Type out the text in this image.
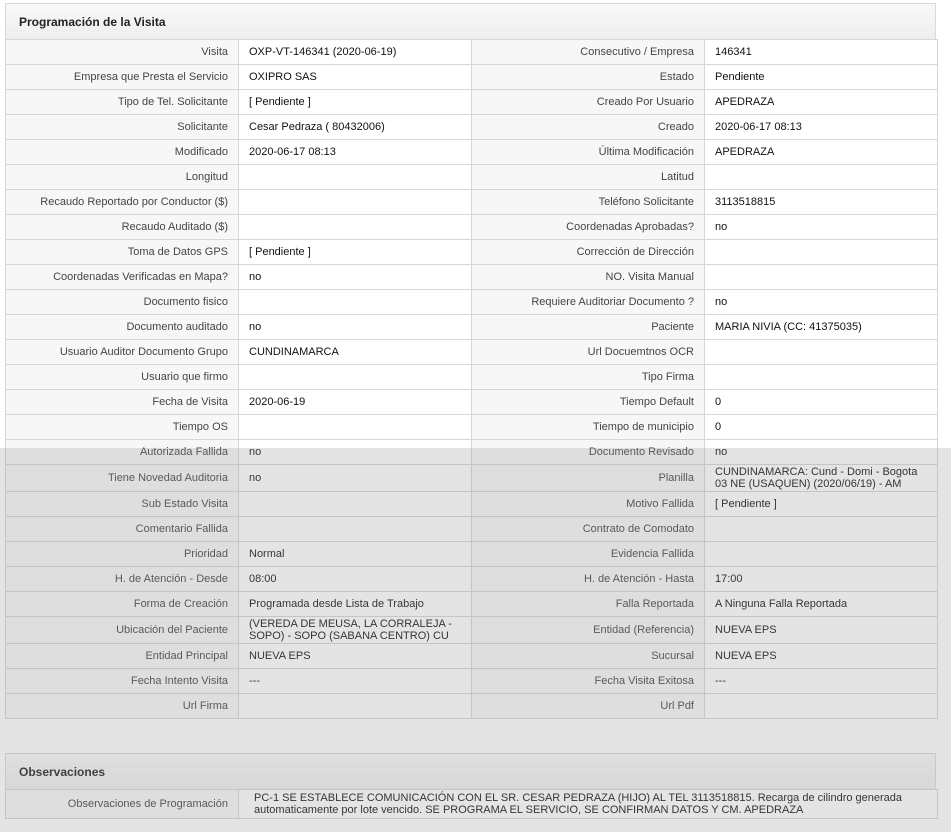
Programación de la Visita
Visita	OXP-VT-146341 (2020-06-19)	Consecutivo / Empresa	146341
Empresa que Presta el Servicio	OXIPRO SAS	Estado	Pendiente
Tipo de Tel. Solicitante	[ Pendiente ]	Creado Por Usuario	APEDRAZA
Solicitante	Cesar Pedraza ( 80432006)	Creado	2020-06-17 08:13
Modificado	2020-06-17 08:13	Última Modificación	APEDRAZA
Longitud		Latitud	
Recaudo Reportado por Conductor ($)		Teléfono Solicitante	3113518815
Recaudo Auditado ($)		Coordenadas Aprobadas?	no
Toma de Datos GPS	[ Pendiente ]	Corrección de Dirección	
Coordenadas Verificadas en Mapa?	no	NO. Visita Manual	
Documento fisico		Requiere Auditoriar Documento ?	no
Documento auditado	no	Paciente	MARIA NIVIA (CC: 41375035)
Usuario Auditor Documento Grupo	CUNDINAMARCA	Url Docuemtnos OCR	
Usuario que firmo		Tipo Firma	
Fecha de Visita	2020-06-19	Tiempo Default	0
Tiempo OS		Tiempo de municipio	0
Autorizada Fallida	no	Documento Revisado	no
Tiene Novedad Auditoria	no	Planilla	CUNDINAMARCA: Cund - Domi - Bogota 03 NE (USAQUEN) (2020/06/19) - AM
Sub Estado Visita		Motivo Fallida	[ Pendiente ]
Comentario Fallida		Contrato de Comodato	
Prioridad	Normal	Evidencia Fallida	
H. de Atención - Desde	08:00	H. de Atención - Hasta	17:00
Forma de Creación	Programada desde Lista de Trabajo	Falla Reportada	A Ninguna Falla Reportada
Ubicación del Paciente	(VEREDA DE MEUSA, LA CORRALEJA - SOPO) - SOPO (SABANA CENTRO) CU	Entidad (Referencia)	NUEVA EPS
Entidad Principal	NUEVA EPS	Sucursal	NUEVA EPS
Fecha Intento Visita	---	Fecha Visita Exitosa	---
Url Firma		Url Pdf	
Observaciones
Observaciones de Programación	PC-1 SE ESTABLECE COMUNICACIÓN CON EL SR. CESAR PEDRAZA (HIJO) AL TEL 3113518815. Recarga de cilindro generada automaticamente por lote vencido. SE PROGRAMA EL SERVICIO, SE CONFIRMAN DATOS Y CM. APEDRAZA
